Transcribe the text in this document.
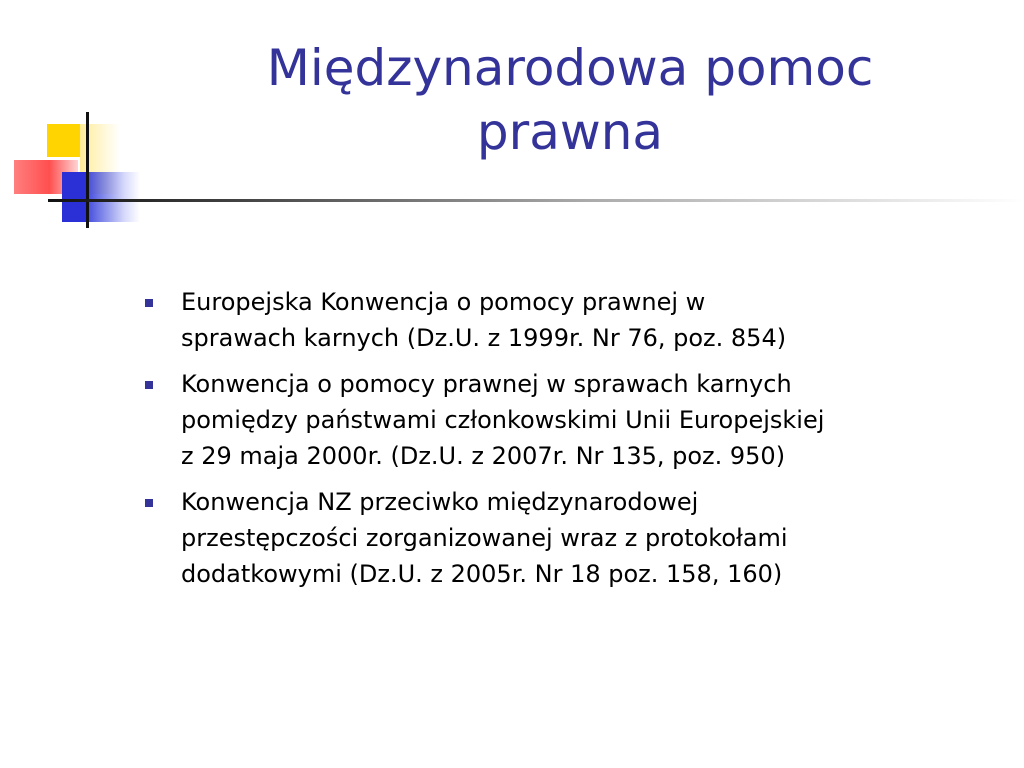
Międzynarodowa pomoc
prawna
Europejska Konwencja o pomocy prawnej w
sprawach karnych (Dz.U. z 1999r. Nr 76, poz. 854)
Konwencja o pomocy prawnej w sprawach karnych
pomiędzy państwami członkowskimi Unii Europejskiej
z 29 maja 2000r. (Dz.U. z 2007r. Nr 135, poz. 950)
Konwencja NZ przeciwko międzynarodowej
przestępczości zorganizowanej wraz z protokołami
dodatkowymi (Dz.U. z 2005r. Nr 18 poz. 158, 160)
